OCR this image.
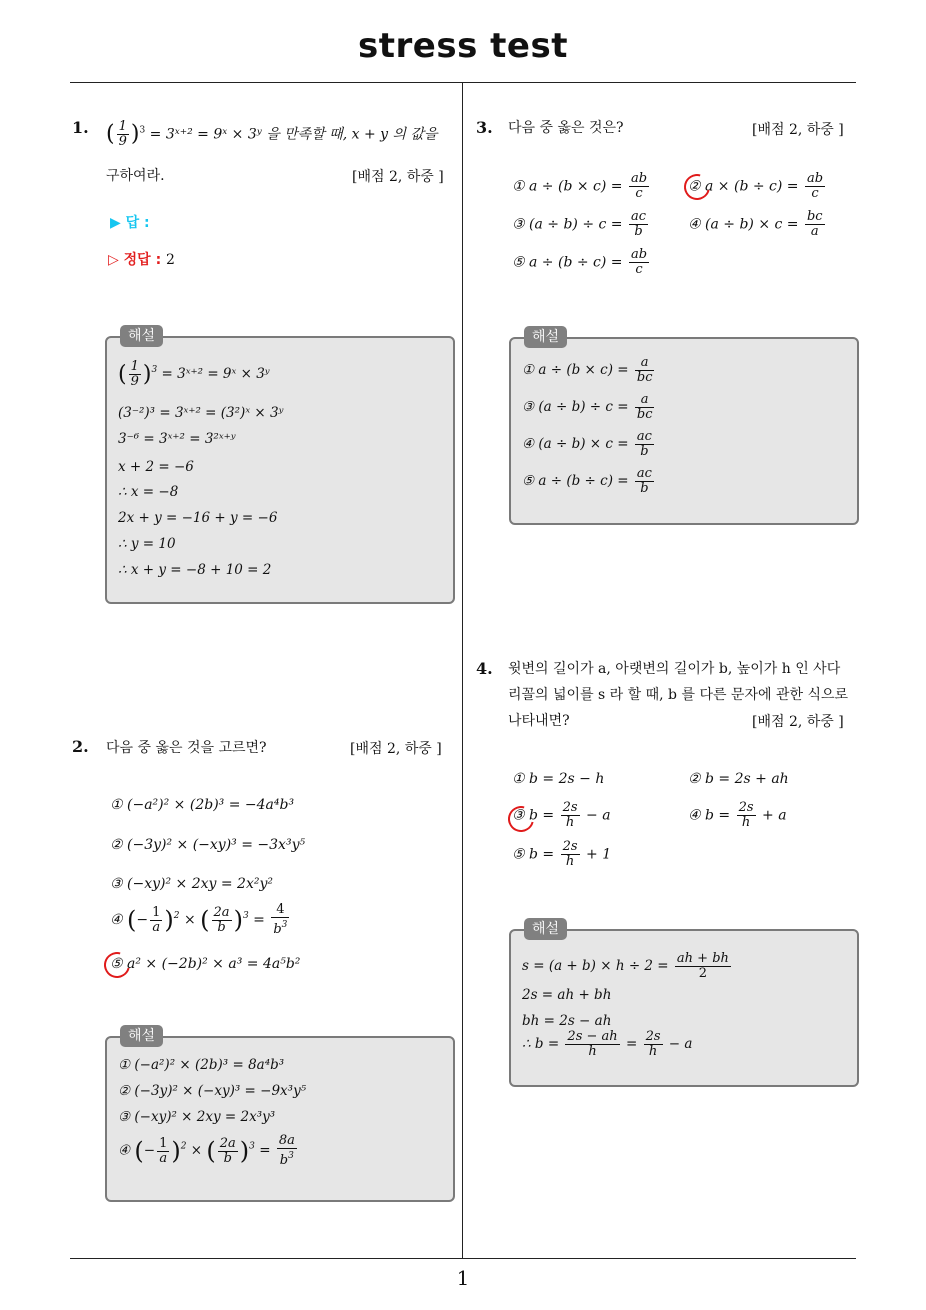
stress test
1
1. ( $\frac{1}{9} )^3$ = 3ˣ⁺² = 9ˣ × 3ʸ 을 만족할 때, x + y 의 값을
구하여라.	[배점 2, 하중 ]
▶ 답 :
▷ 정답 : 2
해설
( $\frac{1}{9} )^3$ = 3ˣ⁺² = 9ˣ × 3ʸ
(3⁻²)³ = 3ˣ⁺² = (3²)ˣ × 3ʸ
3⁻⁶ = 3ˣ⁺² = 3²ˣ⁺ʸ
x + 2 = −6
∴ x = −8
2x + y = −16 + y = −6
∴ y = 10
∴ x + y = −8 + 10 = 2
2. 다음 중 옳은 것을 고르면?	[배점 2, 하중 ]
① (−a²)² × (2b)³ = −4a⁴b³
② (−3y)² × (−xy)³ = −3x³y⁵
③ (−xy)² × 2xy = 2x²y²
④ (− $\frac{1}{a} )^2$ × ( $\frac{2a}{b} )^3 = \frac{4}{b^3}$
⑤ a² × (−2b)² × a³ = 4a⁵b²
해설
① (−a²)² × (2b)³ = 8a⁴b³
② (−3y)² × (−xy)³ = −9x³y⁵
③ (−xy)² × 2xy = 2x³y³
④ (− $\frac{1}{a} )^2$ × ( $\frac{2a}{b} )^3 = \frac{8a}{b^3}$
3. 다음 중 옳은 것은?	[배점 2, 하중 ]
① $a \div (b \times c) = \frac{ab}{c}$	② $a \times (b \div c) = \frac{ab}{c}$
③ $(a \div b) \div c = \frac{ac}{b}$	④ $(a \div b) \times c = \frac{bc}{a}$
⑤ $a \div (b \div c) = \frac{ab}{c}$
해설
① $a \div (b \times c) = \frac{a}{bc}$
③ $(a \div b) \div c = \frac{a}{bc}$
④ $(a \div b) \times c = \frac{ac}{b}$
⑤ $a \div (b \div c) = \frac{ac}{b}$
4. 윗변의 길이가 a, 아랫변의 길이가 b, 높이가 h 인 사다
리꼴의 넓이를 s 라 할 때, b 를 다른 문자에 관한 식으로
나타내면?	[배점 2, 하중 ]
① b = 2s − h	② b = 2s + ah
③ $b = \frac{2s}{h} - a$	④ $b = \frac{2s}{h} + a$
⑤ $b = \frac{2s}{h} + 1$
해설
$s = (a + b) \times h \div 2 = \frac{ah + bh}{2}$
2s = ah + bh
bh = 2s − ah
∴ $b = \frac{2s - ah}{h} = \frac{2s}{h} - a$
